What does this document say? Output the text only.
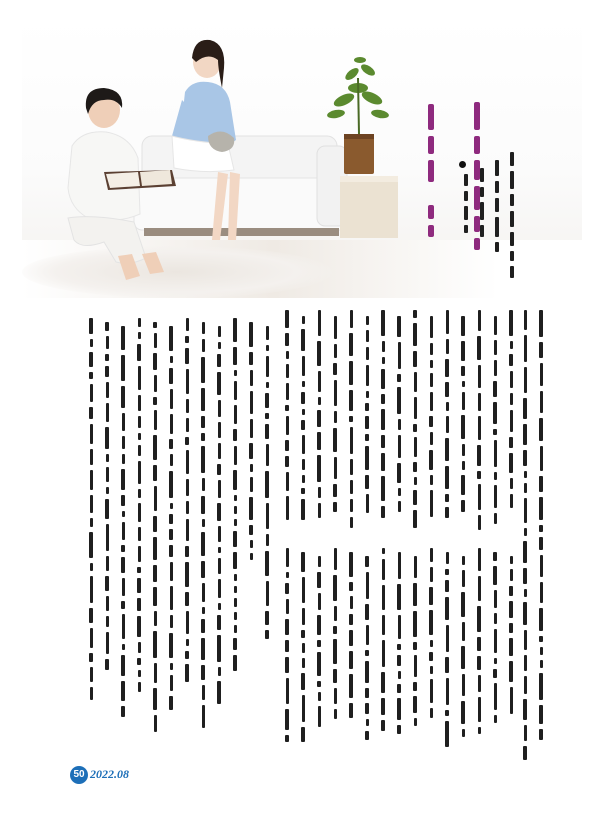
50 2022.08
